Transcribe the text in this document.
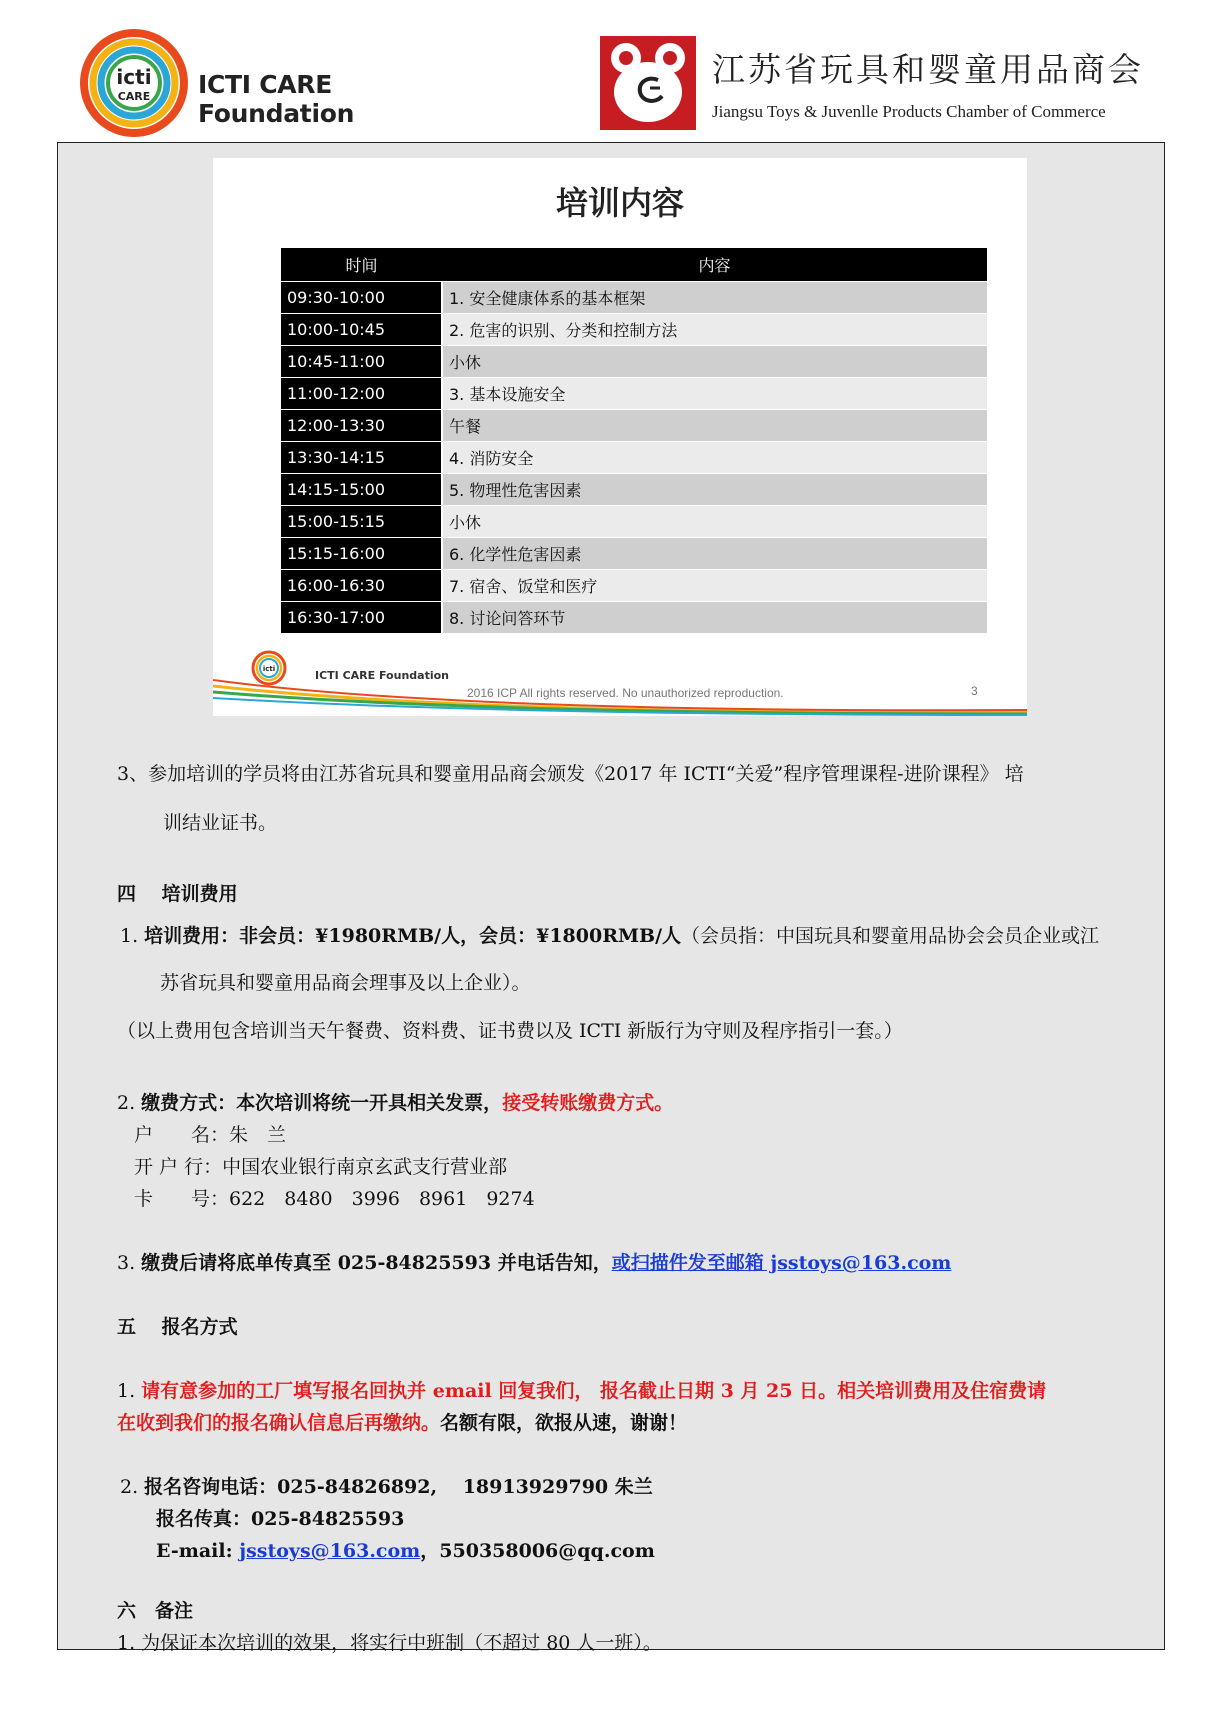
icti
CARE ICTI CARE Foundation
江苏省玩具和婴童用品商会
Jiangsu Toys & Juvenlle Products Chamber of Commerce
培训内容
时间	内容
09:30-10:00	1. 安全健康体系的基本框架
10:00-10:45	2. 危害的识别、分类和控制方法
10:45-11:00	小休
11:00-12:00	3. 基本设施安全
12:00-13:30	午餐
13:30-14:15	4. 消防安全
14:15-15:00	5. 物理性危害因素
15:00-15:15	小休
15:15-16:00	6. 化学性危害因素
16:00-16:30	7. 宿舍、饭堂和医疗
16:30-17:00	8. 讨论问答环节
icti	ICTI CARE Foundation
2016 ICP All rights reserved. No unauthorized reproduction.	3
3、参加培训的学员将由江苏省玩具和婴童用品商会颁发《2017 年 ICTI“关爱”程序管理课程-进阶课程》 培
训结业证书。
四　 培训费用
1. 培训费用：非会员：¥1980RMB/人，会员：¥1800RMB/人（会员指：中国玩具和婴童用品协会会员企业或江
苏省玩具和婴童用品商会理事及以上企业）。
（以上费用包含培训当天午餐费、资料费、证书费以及 ICTI 新版行为守则及程序指引一套。）
2. 缴费方式：本次培训将统一开具相关发票，接受转账缴费方式。
户　　名：朱　兰
开 户 行：中国农业银行南京玄武支行营业部
卡　　号：622　8480　3996　8961　9274
3. 缴费后请将底单传真至 025-84825593 并电话告知，或扫描件发至邮箱 jsstoys@163.com
五　 报名方式
1. 请有意参加的工厂填写报名回执并 email 回复我们， 报名截止日期 3 月 25 日。相关培训费用及住宿费请
在收到我们的报名确认信息后再缴纳。名额有限，欲报从速，谢谢！
2. 报名咨询电话：025-84826892,　 18913929790 朱兰
报名传真：025-84825593
E-mail: jsstoys@163.com，550358006@qq.com
六　备注
1. 为保证本次培训的效果，将实行中班制（不超过 80 人一班）。
